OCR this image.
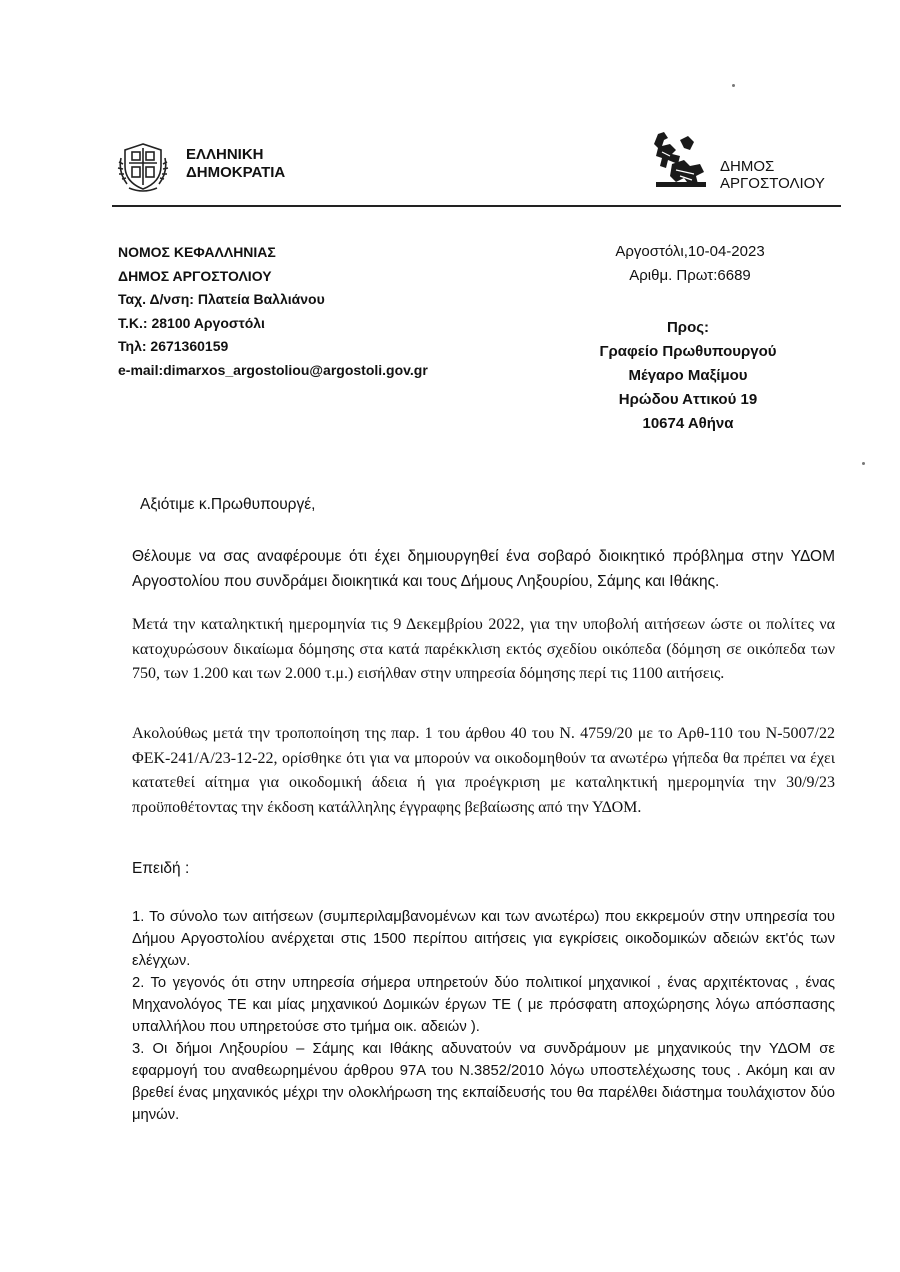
ΕΛΛΗΝΙΚΗ
ΔΗΜΟΚΡΑΤΙΑ	ΔΗΜΟΣ
ΑΡΓΟΣΤΟΛΙΟΥ
ΝΟΜΟΣ ΚΕΦΑΛΛΗΝΙΑΣ
ΔΗΜΟΣ ΑΡΓΟΣΤΟΛΙΟΥ
Ταχ. Δ/νση: Πλατεία Βαλλιάνου
Τ.Κ.: 28100 Αργοστόλι
Τηλ: 2671360159
e-mail:dimarxos_argostoliou@argostoli.gov.gr
Αργοστόλι,10-04-2023
Αριθμ. Πρωτ:6689
Προς:
Γραφείο Πρωθυπουργού
Μέγαρο Μαξίμου
Ηρώδου Αττικού 19
10674 Αθήνα
Αξιότιμε κ.Πρωθυπουργέ,
Θέλουμε να σας αναφέρουμε ότι έχει δημιουργηθεί ένα σοβαρό διοικητικό πρόβλημα στην ΥΔΟΜ Αργοστολίου που συνδράμει διοικητικά και τους Δήμους Ληξουρίου, Σάμης και Ιθάκης.
Μετά την καταληκτική ημερομηνία τις 9 Δεκεμβρίου 2022, για την υποβολή αιτήσεων ώστε οι πολίτες να κατοχυρώσουν δικαίωμα δόμησης στα κατά παρέκκλιση εκτός σχεδίου οικόπεδα (δόμηση σε οικόπεδα των 750, των 1.200 και των 2.000 τ.μ.) εισήλθαν στην υπηρεσία δόμησης περί τις 1100 αιτήσεις.
Ακολούθως μετά την τροποποίηση της παρ. 1 του άρθου 40 του Ν. 4759/20 με το Αρθ-110 του Ν-5007/22 ΦΕΚ-241/Α/23-12-22, ορίσθηκε ότι για να μπορούν να οικοδομηθούν τα ανωτέρω γήπεδα θα πρέπει να έχει κατατεθεί αίτημα για οικοδομική άδεια ή για προέγκριση με καταληκτική ημερομηνία την 30/9/23 προϋποθέτοντας την έκδοση κατάλληλης έγγραφης βεβαίωσης από την ΥΔΟΜ.
Επειδή :
1. Το σύνολο των αιτήσεων (συμπεριλαμβανομένων και των ανωτέρω) που εκκρεμούν στην υπηρεσία του Δήμου Αργοστολίου ανέρχεται στις 1500 περίπου αιτήσεις για εγκρίσεις οικοδομικών αδειών εκτ'ός των ελέγχων.
2. Το γεγονός ότι στην υπηρεσία σήμερα υπηρετούν δύο πολιτικοί μηχανικοί , ένας αρχιτέκτονας , ένας Μηχανολόγος ΤΕ και μίας μηχανικού Δομικών έργων ΤΕ ( με πρόσφατη αποχώρησης λόγω απόσπασης υπαλλήλου που υπηρετούσε στο τμήμα οικ. αδειών ).
3. Οι δήμοι Ληξουρίου – Σάμης και Ιθάκης αδυνατούν να συνδράμουν με μηχανικούς την ΥΔΟΜ σε εφαρμογή του αναθεωρημένου άρθρου 97Α του Ν.3852/2010 λόγω υποστελέχωσης τους . Ακόμη και αν βρεθεί ένας μηχανικός μέχρι την ολοκλήρωση της εκπαίδευσής του θα παρέλθει διάστημα τουλάχιστον δύο μηνών.
